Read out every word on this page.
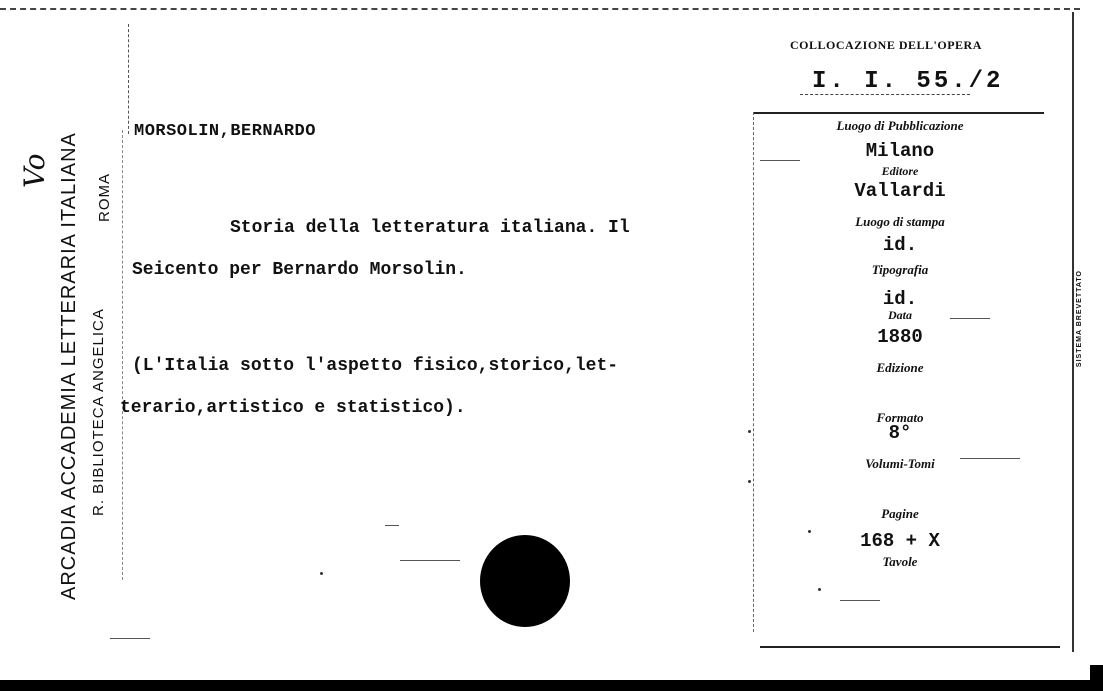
Vo ARCADIA ACCADEMIA LETTERARIA ITALIANA R. BIBLIOTECA ANGELICA
ROMA
MORSOLIN,BERNARDO
Storia della letteratura italiana. Il
Seicento per Bernardo Morsolin.
(L'Italia sotto l'aspetto fisico,storico,let-
terario,artistico e statistico).
COLLOCAZIONE DELL'OPERA
I. I. 55./2
Luogo di Pubblicazione
Milano
Editore
Vallardi
Luogo di stampa
id.
Tipografia
id.
Data
1880
Edizione
Formato
8°
Volumi-Tomi
Pagine
168 + X
Tavole
SISTEMA BREVETTATO
